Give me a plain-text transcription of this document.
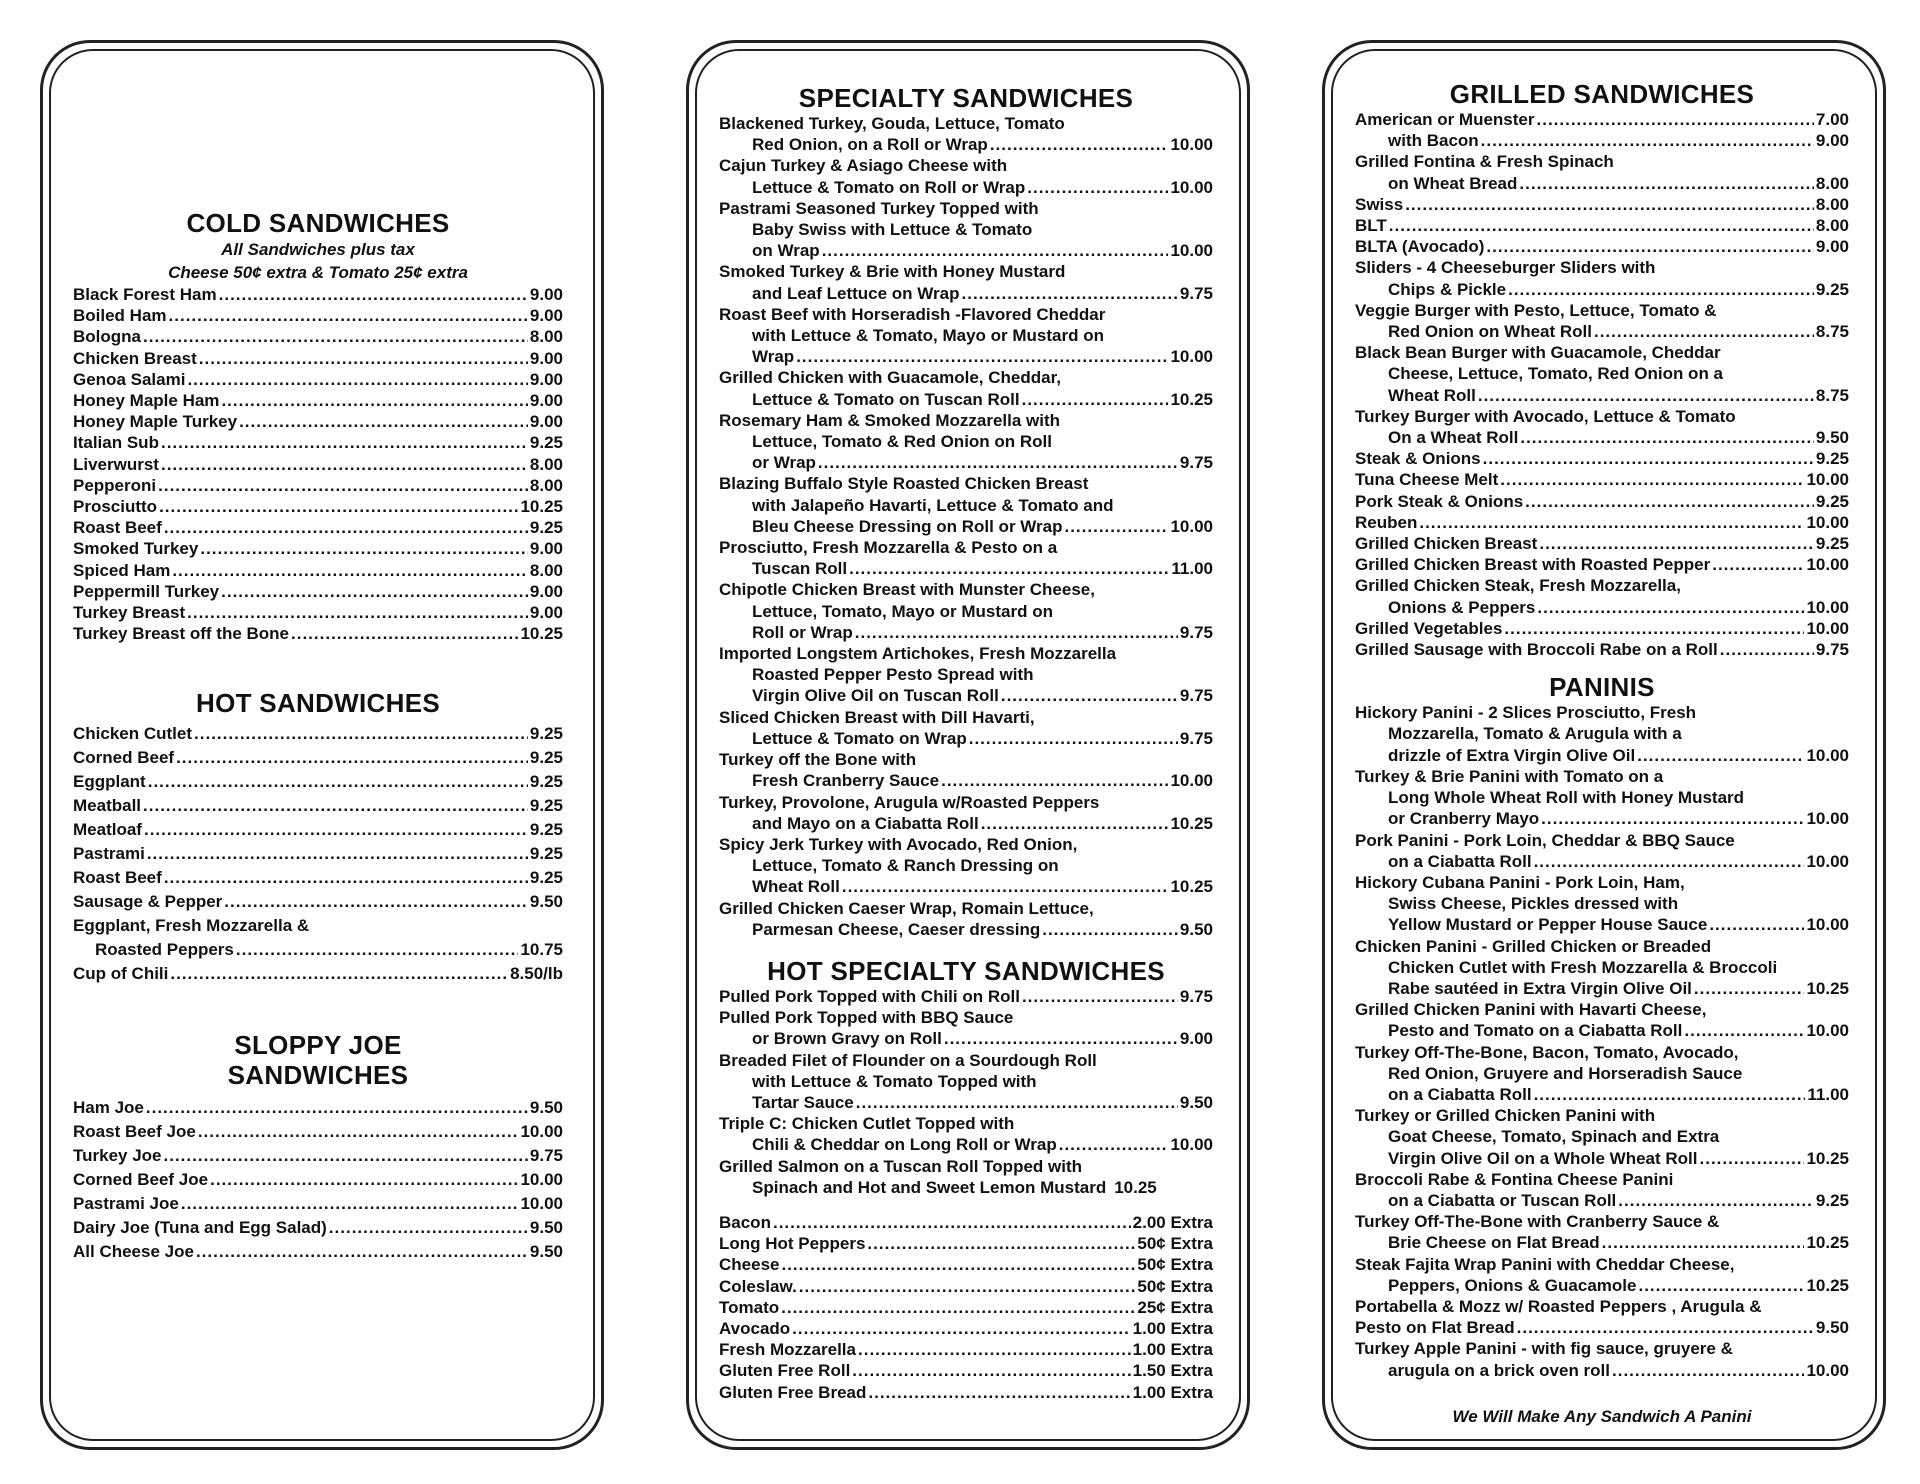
COLD SANDWICHES
All Sandwiches plus tax
Cheese 50¢ extra & Tomato 25¢ extra
Black Forest Ham .....	9.00
Boiled Ham .....	9.00
Bologna .....	8.00
Chicken Breast .....	9.00
Genoa Salami .....	9.00
Honey Maple Ham .....	9.00
Honey Maple Turkey .....	9.00
Italian Sub .....	9.25
Liverwurst .....	8.00
Pepperoni .....	8.00
Prosciutto .....	10.25
Roast Beef .....	9.25
Smoked Turkey .....	9.00
Spiced Ham .....	8.00
Peppermill Turkey .....	9.00
Turkey Breast .....	9.00
Turkey Breast off the Bone .....	10.25
HOT SANDWICHES
Chicken Cutlet .....	9.25
Corned Beef .....	9.25
Eggplant .....	9.25
Meatball .....	9.25
Meatloaf .....	9.25
Pastrami .....	9.25
Roast Beef .....	9.25
Sausage & Pepper .....	9.50
Eggplant, Fresh Mozzarella &
Roasted Peppers .....	10.75
Cup of Chili .....	8.50/lb
SLOPPY JOE
SANDWICHES
Ham Joe .....	9.50
Roast Beef Joe .....	10.00
Turkey Joe .....	9.75
Corned Beef Joe .....	10.00
Pastrami Joe .....	10.00
Dairy Joe (Tuna and Egg Salad) .....	9.50
All Cheese Joe .....	9.50
SPECIALTY SANDWICHES
Blackened Turkey, Gouda, Lettuce, Tomato
Red Onion, on a Roll or Wrap .....	10.00
Cajun Turkey & Asiago Cheese with
Lettuce & Tomato on Roll or Wrap .....	10.00
Pastrami Seasoned Turkey Topped with
Baby Swiss with Lettuce & Tomato
on Wrap .....	10.00
Smoked Turkey & Brie with Honey Mustard
and Leaf Lettuce on Wrap .....	9.75
Roast Beef with Horseradish -Flavored Cheddar
with Lettuce & Tomato, Mayo or Mustard on
Wrap .....	10.00
Grilled Chicken with Guacamole, Cheddar,
Lettuce & Tomato on Tuscan Roll .....	10.25
Rosemary Ham & Smoked Mozzarella with
Lettuce, Tomato & Red Onion on Roll
or Wrap .....	9.75
Blazing Buffalo Style Roasted Chicken Breast
with Jalapeño Havarti, Lettuce & Tomato and
Bleu Cheese Dressing on Roll or Wrap .....	10.00
Prosciutto, Fresh Mozzarella & Pesto on a
Tuscan Roll .....	11.00
Chipotle Chicken Breast with Munster Cheese,
Lettuce, Tomato, Mayo or Mustard on
Roll or Wrap .....	9.75
Imported Longstem Artichokes, Fresh Mozzarella
Roasted Pepper Pesto Spread with
Virgin Olive Oil on Tuscan Roll .....	9.75
Sliced Chicken Breast with Dill Havarti,
Lettuce & Tomato on Wrap .....	9.75
Turkey off the Bone with
Fresh Cranberry Sauce .....	10.00
Turkey, Provolone, Arugula w/Roasted Peppers
and Mayo on a Ciabatta Roll .....	10.25
Spicy Jerk Turkey with Avocado, Red Onion,
Lettuce, Tomato & Ranch Dressing on
Wheat Roll .....	10.25
Grilled Chicken Caeser Wrap, Romain Lettuce,
Parmesan Cheese, Caeser dressing .....	9.50
HOT SPECIALTY SANDWICHES
Pulled Pork Topped with Chili on Roll .....	9.75
Pulled Pork Topped with BBQ Sauce
or Brown Gravy on Roll .....	9.00
Breaded Filet of Flounder on a Sourdough Roll
with Lettuce & Tomato Topped with
Tartar Sauce .....	9.50
Triple C: Chicken Cutlet Topped with
Chili & Cheddar on Long Roll or Wrap .....	10.00
Grilled Salmon on a Tuscan Roll Topped with
Spinach and Hot and Sweet Lemon Mustard 10.25
Bacon .....	2.00 Extra
Long Hot Peppers .....	50¢ Extra
Cheese .....	50¢ Extra
Coleslaw. .....	50¢ Extra
Tomato .....	25¢ Extra
Avocado .....	1.00 Extra
Fresh Mozzarella .....	1.00 Extra
Gluten Free Roll .....	1.50 Extra
Gluten Free Bread .....	1.00 Extra
GRILLED SANDWICHES
American or Muenster .....	7.00
with Bacon .....	9.00
Grilled Fontina & Fresh Spinach
on Wheat Bread .....	8.00
Swiss .....	8.00
BLT .....	8.00
BLTA (Avocado) .....	9.00
Sliders - 4 Cheeseburger Sliders with
Chips & Pickle .....	9.25
Veggie Burger with Pesto, Lettuce, Tomato &
Red Onion on Wheat Roll .....	8.75
Black Bean Burger with Guacamole, Cheddar
Cheese, Lettuce, Tomato, Red Onion on a
Wheat Roll .....	8.75
Turkey Burger with Avocado, Lettuce & Tomato
On a Wheat Roll .....	9.50
Steak & Onions .....	9.25
Tuna Cheese Melt .....	10.00
Pork Steak & Onions .....	9.25
Reuben .....	10.00
Grilled Chicken Breast .....	9.25
Grilled Chicken Breast with Roasted Pepper .....	10.00
Grilled Chicken Steak, Fresh Mozzarella,
Onions & Peppers .....	10.00
Grilled Vegetables .....	10.00
Grilled Sausage with Broccoli Rabe on a Roll .....	9.75
PANINIS
Hickory Panini - 2 Slices Prosciutto, Fresh
Mozzarella, Tomato & Arugula with a
drizzle of Extra Virgin Olive Oil .....	10.00
Turkey & Brie Panini with Tomato on a
Long Whole Wheat Roll with Honey Mustard
or Cranberry Mayo .....	10.00
Pork Panini - Pork Loin, Cheddar & BBQ Sauce
on a Ciabatta Roll .....	10.00
Hickory Cubana Panini - Pork Loin, Ham,
Swiss Cheese, Pickles dressed with
Yellow Mustard or Pepper House Sauce .....	10.00
Chicken Panini - Grilled Chicken or Breaded
Chicken Cutlet with Fresh Mozzarella & Broccoli
Rabe sautéed in Extra Virgin Olive Oil .....	10.25
Grilled Chicken Panini with Havarti Cheese,
Pesto and Tomato on a Ciabatta Roll .....	10.00
Turkey Off-The-Bone, Bacon, Tomato, Avocado,
Red Onion, Gruyere and Horseradish Sauce
on a Ciabatta Roll .....	11.00
Turkey or Grilled Chicken Panini with
Goat Cheese, Tomato, Spinach and Extra
Virgin Olive Oil on a Whole Wheat Roll .....	10.25
Broccoli Rabe & Fontina Cheese Panini
on a Ciabatta or Tuscan Roll .....	9.25
Turkey Off-The-Bone with Cranberry Sauce &
Brie Cheese on Flat Bread .....	10.25
Steak Fajita Wrap Panini with Cheddar Cheese,
Peppers, Onions & Guacamole .....	10.25
Portabella & Mozz w/ Roasted Peppers , Arugula &
Pesto on Flat Bread .....	9.50
Turkey Apple Panini - with fig sauce, gruyere &
arugula on a brick oven roll .....	10.00
We Will Make Any Sandwich A Panini
